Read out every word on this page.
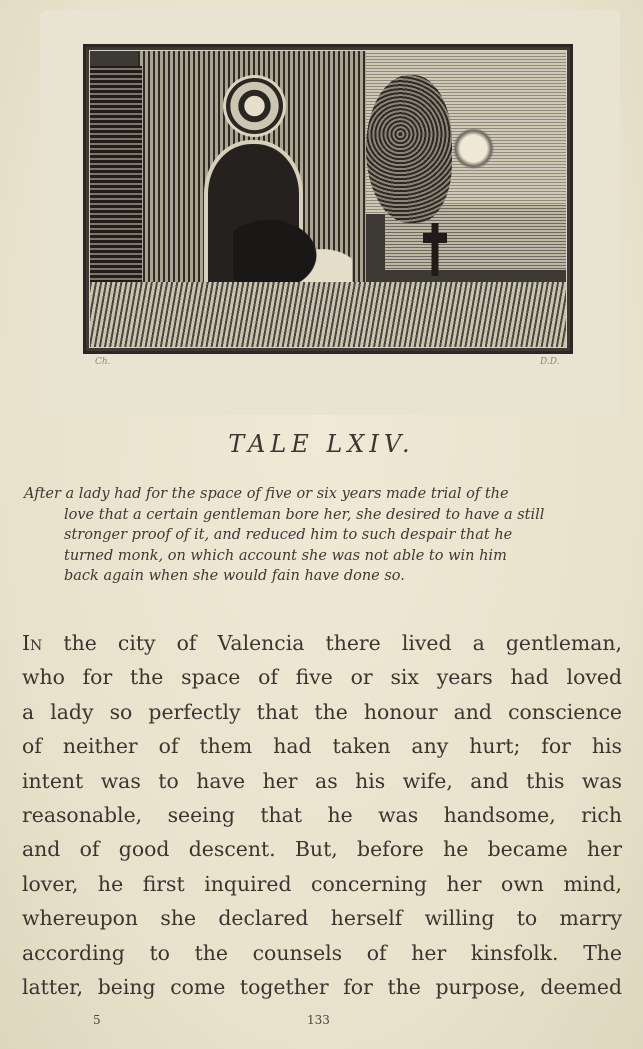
Ch.	D.D.
TALE LXIV.
After a lady had for the space of five or six years made trial of the
love that a certain gentleman bore her, she desired to have a still
stronger proof of it, and reduced him to such despair that he
turned monk, on which account she was not able to win him
back again when she would fain have done so.
In the city of Valencia there lived a gentleman,
who for the space of five or six years had loved
a lady so perfectly that the honour and conscience
of neither of them had taken any hurt; for his
intent was to have her as his wife, and this was
reasonable, seeing that he was handsome, rich
and of good descent. But, before he became her
lover, he first inquired concerning her own mind,
whereupon she declared herself willing to marry
according to the counsels of her kinsfolk. The
latter, being come together for the purpose, deemed
5	133
